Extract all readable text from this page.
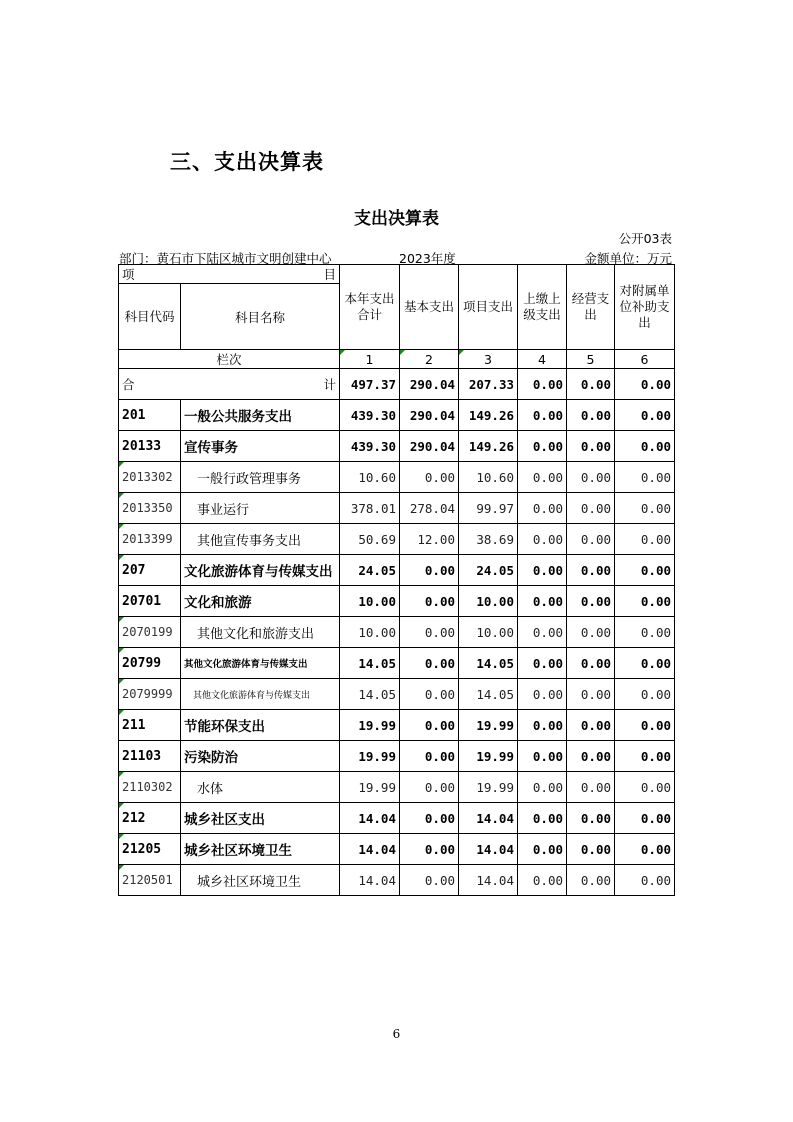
三、支出决算表
支出决算表
公开03表
部门：黄石市下陆区城市文明创建中心	2023年度	金额单位：万元
项 目		本年支出合计	基本支出	项目支出	上缴上级支出	经营支出	对附属单位补助支出
科目代码	科目名称						
栏次		1	2	3	4	5	6

合 计		497.37	290.04	207.33	0.00	0.00	0.00
201	一般公共服务支出	439.30	290.04	149.26	0.00	0.00	0.00
20133	宣传事务	439.30	290.04	149.26	0.00	0.00	0.00
2013302	一般行政管理事务	10.60	0.00	10.60	0.00	0.00	0.00
2013350	事业运行	378.01	278.04	99.97	0.00	0.00	0.00
2013399	其他宣传事务支出	50.69	12.00	38.69	0.00	0.00	0.00
207	文化旅游体育与传媒支出	24.05	0.00	24.05	0.00	0.00	0.00
20701	文化和旅游	10.00	0.00	10.00	0.00	0.00	0.00
2070199	其他文化和旅游支出	10.00	0.00	10.00	0.00	0.00	0.00
20799	其他文化旅游体育与传媒支出	14.05	0.00	14.05	0.00	0.00	0.00
2079999	其他文化旅游体育与传媒支出	14.05	0.00	14.05	0.00	0.00	0.00
211	节能环保支出	19.99	0.00	19.99	0.00	0.00	0.00
21103	污染防治	19.99	0.00	19.99	0.00	0.00	0.00
2110302	水体	19.99	0.00	19.99	0.00	0.00	0.00
212	城乡社区支出	14.04	0.00	14.04	0.00	0.00	0.00
21205	城乡社区环境卫生	14.04	0.00	14.04	0.00	0.00	0.00
2120501	城乡社区环境卫生	14.04	0.00	14.04	0.00	0.00	0.00
6
